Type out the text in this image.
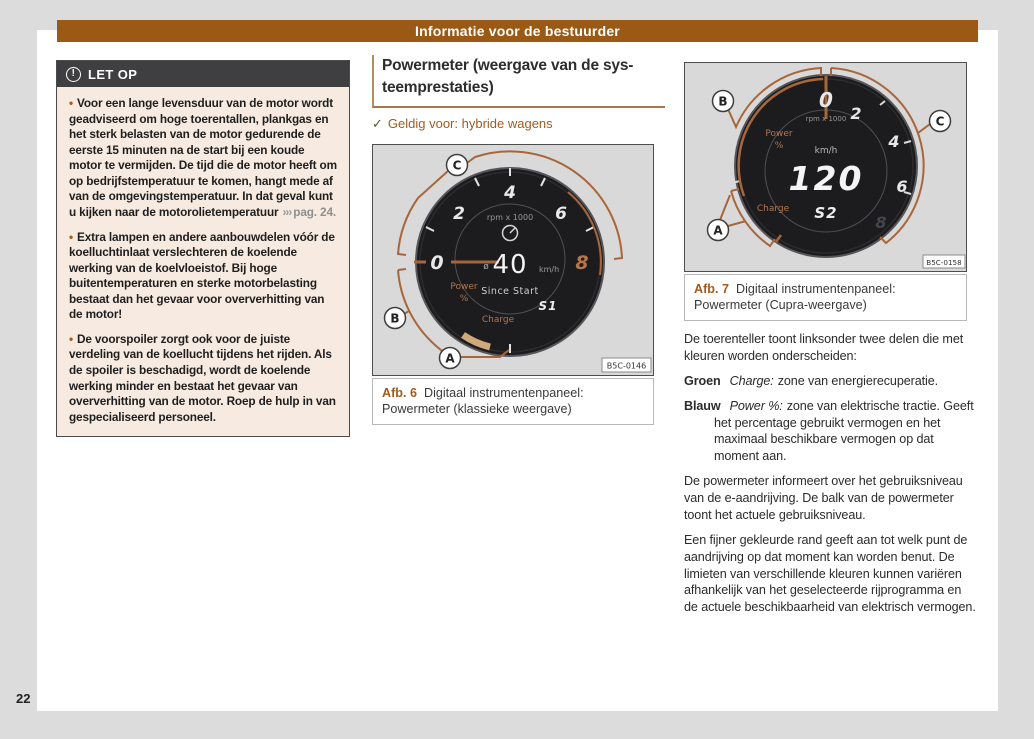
Informatie voor de bestuurder
! LET OP

• Voor een lange levensduur van de motor wordt geadviseerd om hoge toerentallen, plankgas en het sterk belasten van de motor gedurende de eerste 15 minuten na de start bij een koude motor te vermijden. De tijd die de motor heeft om op bedrijfstemperatuur te komen, hangt mede af van de omgevingstemperatuur. In dat geval kunt u kijken naar de motorolietemperatuur ››› pag. 24.

• Extra lampen en andere aanbouwdelen vóór de koelluchtinlaat verslechteren de koelende werking van de koelvloeistof. Bij hoge buitentemperaturen en sterke motorbelasting bestaat dan het gevaar voor oververhitting van de motor!

• De voorspoiler zorgt ook voor de juiste verdeling van de koellucht tijdens het rijden. Als de spoiler is beschadigd, wordt de koelende werking minder en bestaat het gevaar van oververhitting van de motor. Roep de hulp in van gespecialiseerd personeel.

Powermeter (weergave van de systeemprestaties)
✓ Geldig voor: hybride wagens
0
2
4
6
8
rpm x 1000
ø 40 km/h
Since Start
Power
%
Charge
S1
C
B
A
B5C-0146
Afb. 6 Digitaal instrumentenpaneel: Powermeter (klassieke weergave)
0
2
4
6
8
rpm x 1000
km/h
120
S2
Power
%
Charge
B
C
A
B5C-0158
Afb. 7 Digitaal instrumentenpaneel: Powermeter (Cupra-weergave)

De toerenteller toont linksonder twee delen die met kleuren worden onderscheiden:

Groen Charge: zone van energierecuperatie.
Blauw Power %: zone van elektrische tractie. Geeft het percentage gebruikt vermogen en het maximaal beschikbare vermogen op dat moment aan.

De powermeter informeert over het gebruiksniveau van de e-aandrijving. De balk van de powermeter toont het actuele gebruiksniveau.

Een fijner gekleurde rand geeft aan tot welk punt de aandrijving op dat moment kan worden benut. De limieten van verschillende kleuren kunnen variëren afhankelijk van het geselecteerde rijprogramma en de actuele beschikbaarheid van elektrisch vermogen.

22
